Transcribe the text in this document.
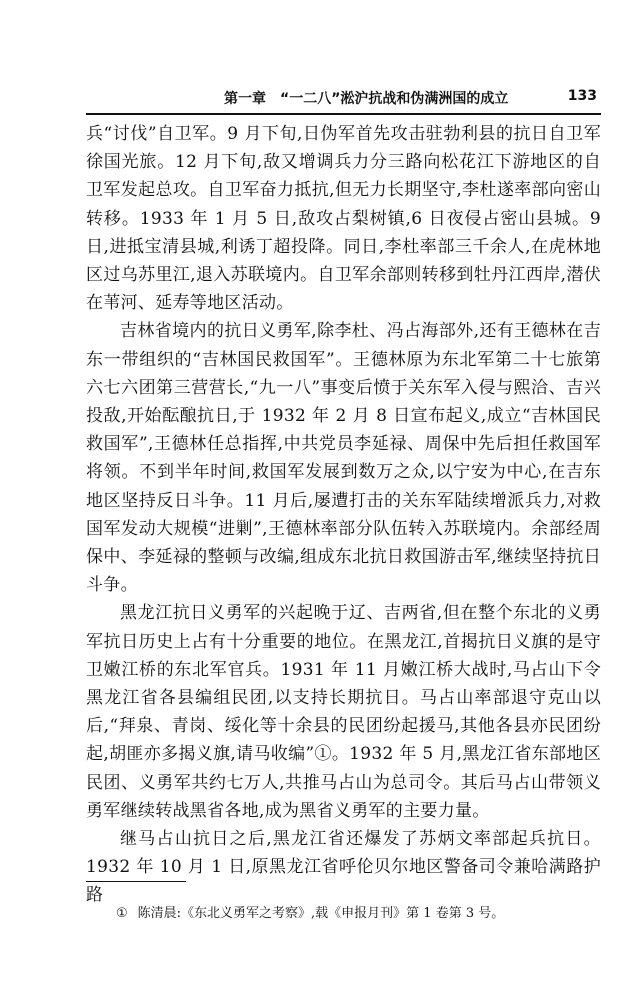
第一章　“一二八”淞沪抗战和伪满洲国的成立	133

兵“讨伐”自卫军。9 月下旬,日伪军首先攻击驻勃利县的抗日自卫军徐国光旅。12 月下旬,敌又增调兵力分三路向松花江下游地区的自卫军发起总攻。自卫军奋力抵抗,但无力长期坚守,李杜遂率部向密山转移。1933 年 1 月 5 日,敌攻占梨树镇,6 日夜侵占密山县城。9 日,进抵宝清县城,利诱丁超投降。同日,李杜率部三千余人,在虎林地区过乌苏里江,退入苏联境内。自卫军余部则转移到牡丹江西岸,潜伏在苇河、延寿等地区活动。

吉林省境内的抗日义勇军,除李杜、冯占海部外,还有王德林在吉东一带组织的“吉林国民救国军”。王德林原为东北军第二十七旅第六七六团第三营营长,“九一八”事变后愤于关东军入侵与熙洽、吉兴投敌,开始酝酿抗日,于 1932 年 2 月 8 日宣布起义,成立“吉林国民救国军”,王德林任总指挥,中共党员李延禄、周保中先后担任救国军将领。不到半年时间,救国军发展到数万之众,以宁安为中心,在吉东地区坚持反日斗争。11 月后,屡遭打击的关东军陆续增派兵力,对救国军发动大规模“进剿”,王德林率部分队伍转入苏联境内。余部经周保中、李延禄的整顿与改编,组成东北抗日救国游击军,继续坚持抗日斗争。

黑龙江抗日义勇军的兴起晚于辽、吉两省,但在整个东北的义勇军抗日历史上占有十分重要的地位。在黑龙江,首揭抗日义旗的是守卫嫩江桥的东北军官兵。1931 年 11 月嫩江桥大战时,马占山下令黑龙江省各县编组民团,以支持长期抗日。马占山率部退守克山以后,“拜泉、青岗、绥化等十余县的民团纷起援马,其他各县亦民团纷起,胡匪亦多揭义旗,请马收编”①。1932 年 5 月,黑龙江省东部地区民团、义勇军共约七万人,共推马占山为总司令。其后马占山带领义勇军继续转战黑省各地,成为黑省义勇军的主要力量。

继马占山抗日之后,黑龙江省还爆发了苏炳文率部起兵抗日。1932 年 10 月 1 日,原黑龙江省呼伦贝尔地区警备司令兼哈满路护路

① 陈清晨:《东北义勇军之考察》,载《申报月刊》第 1 卷第 3 号。
